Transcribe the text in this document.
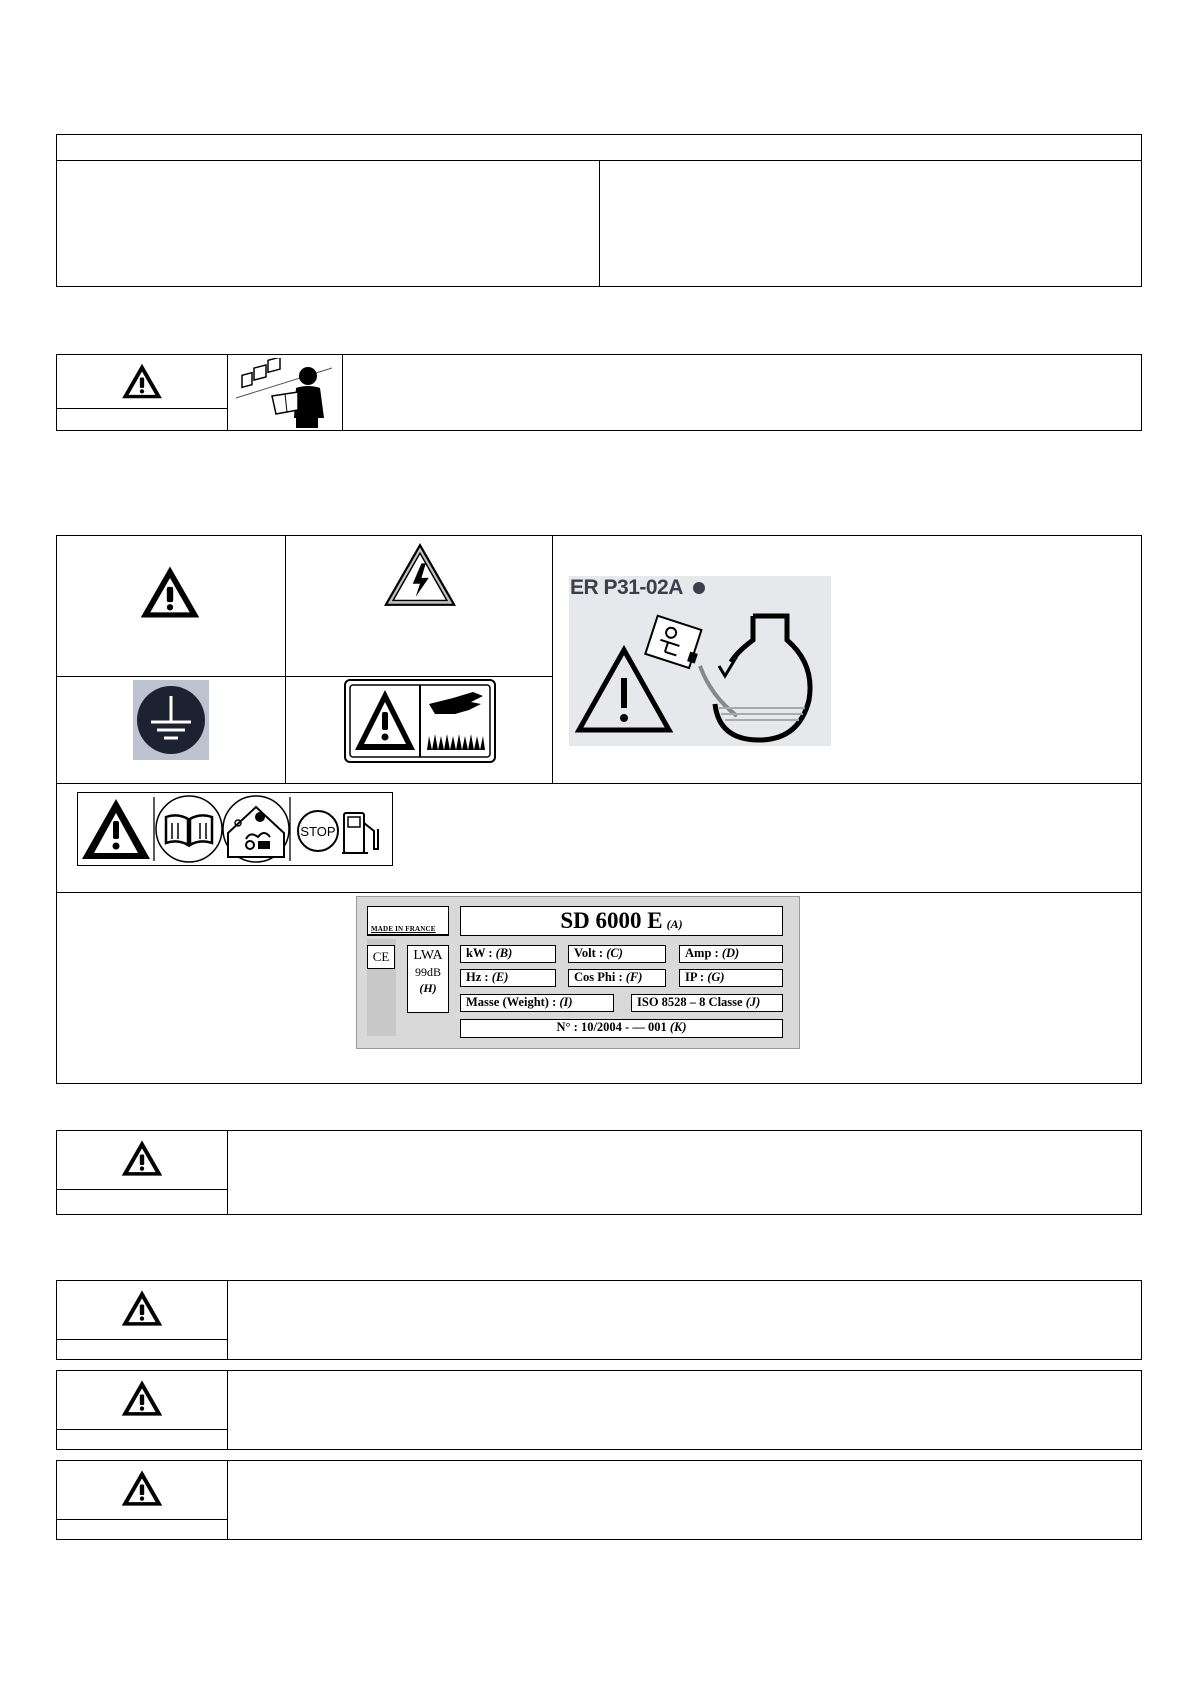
ER P31-02A
STOP
MADE IN FRANCE	SD 6000 E (A)
CE	LWA
99dB
(H)
kW : (B)	Volt : (C)	Amp : (D)
Hz : (E)	Cos Phi : (F)	IP : (G)
Masse (Weight) : (I)	ISO 8528 – 8 Classe (J)
N° : 10/2004 - — 001 (K)
